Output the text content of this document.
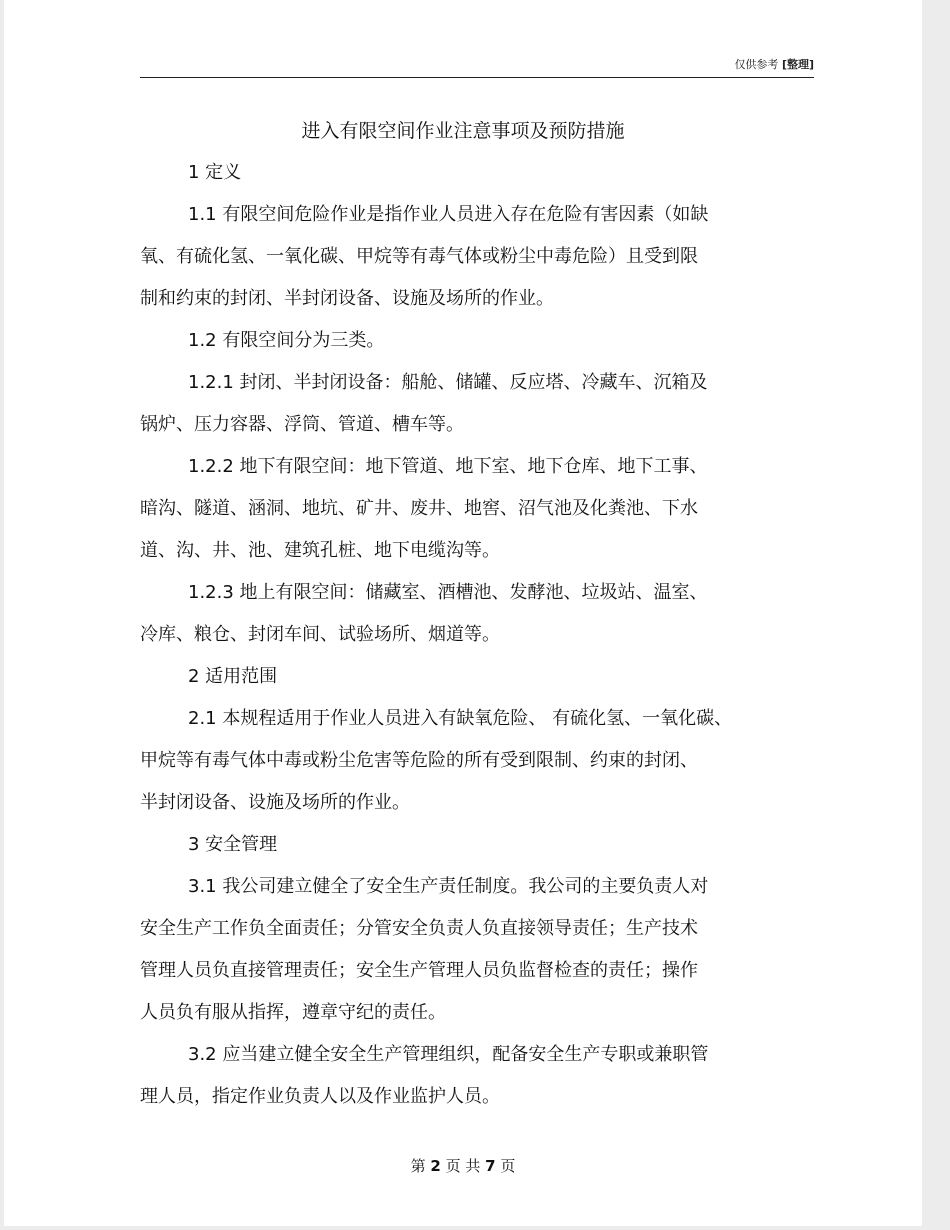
仅供参考 [整理]
进入有限空间作业注意事项及预防措施

1 定义

1.1 有限空间危险作业是指作业人员进入存在危险有害因素（如缺

氧、有硫化氢、一氧化碳、甲烷等有毒气体或粉尘中毒危险）且受到限

制和约束的封闭、半封闭设备、设施及场所的作业。

1.2 有限空间分为三类。

1.2.1 封闭、半封闭设备：船舱、储罐、反应塔、冷藏车、沉箱及

锅炉、压力容器、浮筒、管道、槽车等。

1.2.2 地下有限空间：地下管道、地下室、地下仓库、地下工事、

暗沟、隧道、涵洞、地坑、矿井、废井、地窖、沼气池及化粪池、下水

道、沟、井、池、建筑孔桩、地下电缆沟等。

1.2.3 地上有限空间：储藏室、酒槽池、发酵池、垃圾站、温室、

冷库、粮仓、封闭车间、试验场所、烟道等。

2 适用范围

2.1 本规程适用于作业人员进入有缺氧危险、 有硫化氢、一氧化碳、

甲烷等有毒气体中毒或粉尘危害等危险的所有受到限制、约束的封闭、

半封闭设备、设施及场所的作业。

3 安全管理

3.1 我公司建立健全了安全生产责任制度。我公司的主要负责人对

安全生产工作负全面责任；分管安全负责人负直接领导责任；生产技术

管理人员负直接管理责任；安全生产管理人员负监督检查的责任；操作

人员负有服从指挥，遵章守纪的责任。

3.2 应当建立健全安全生产管理组织，配备安全生产专职或兼职管

理人员，指定作业负责人以及作业监护人员。

第 2 页 共 7 页
